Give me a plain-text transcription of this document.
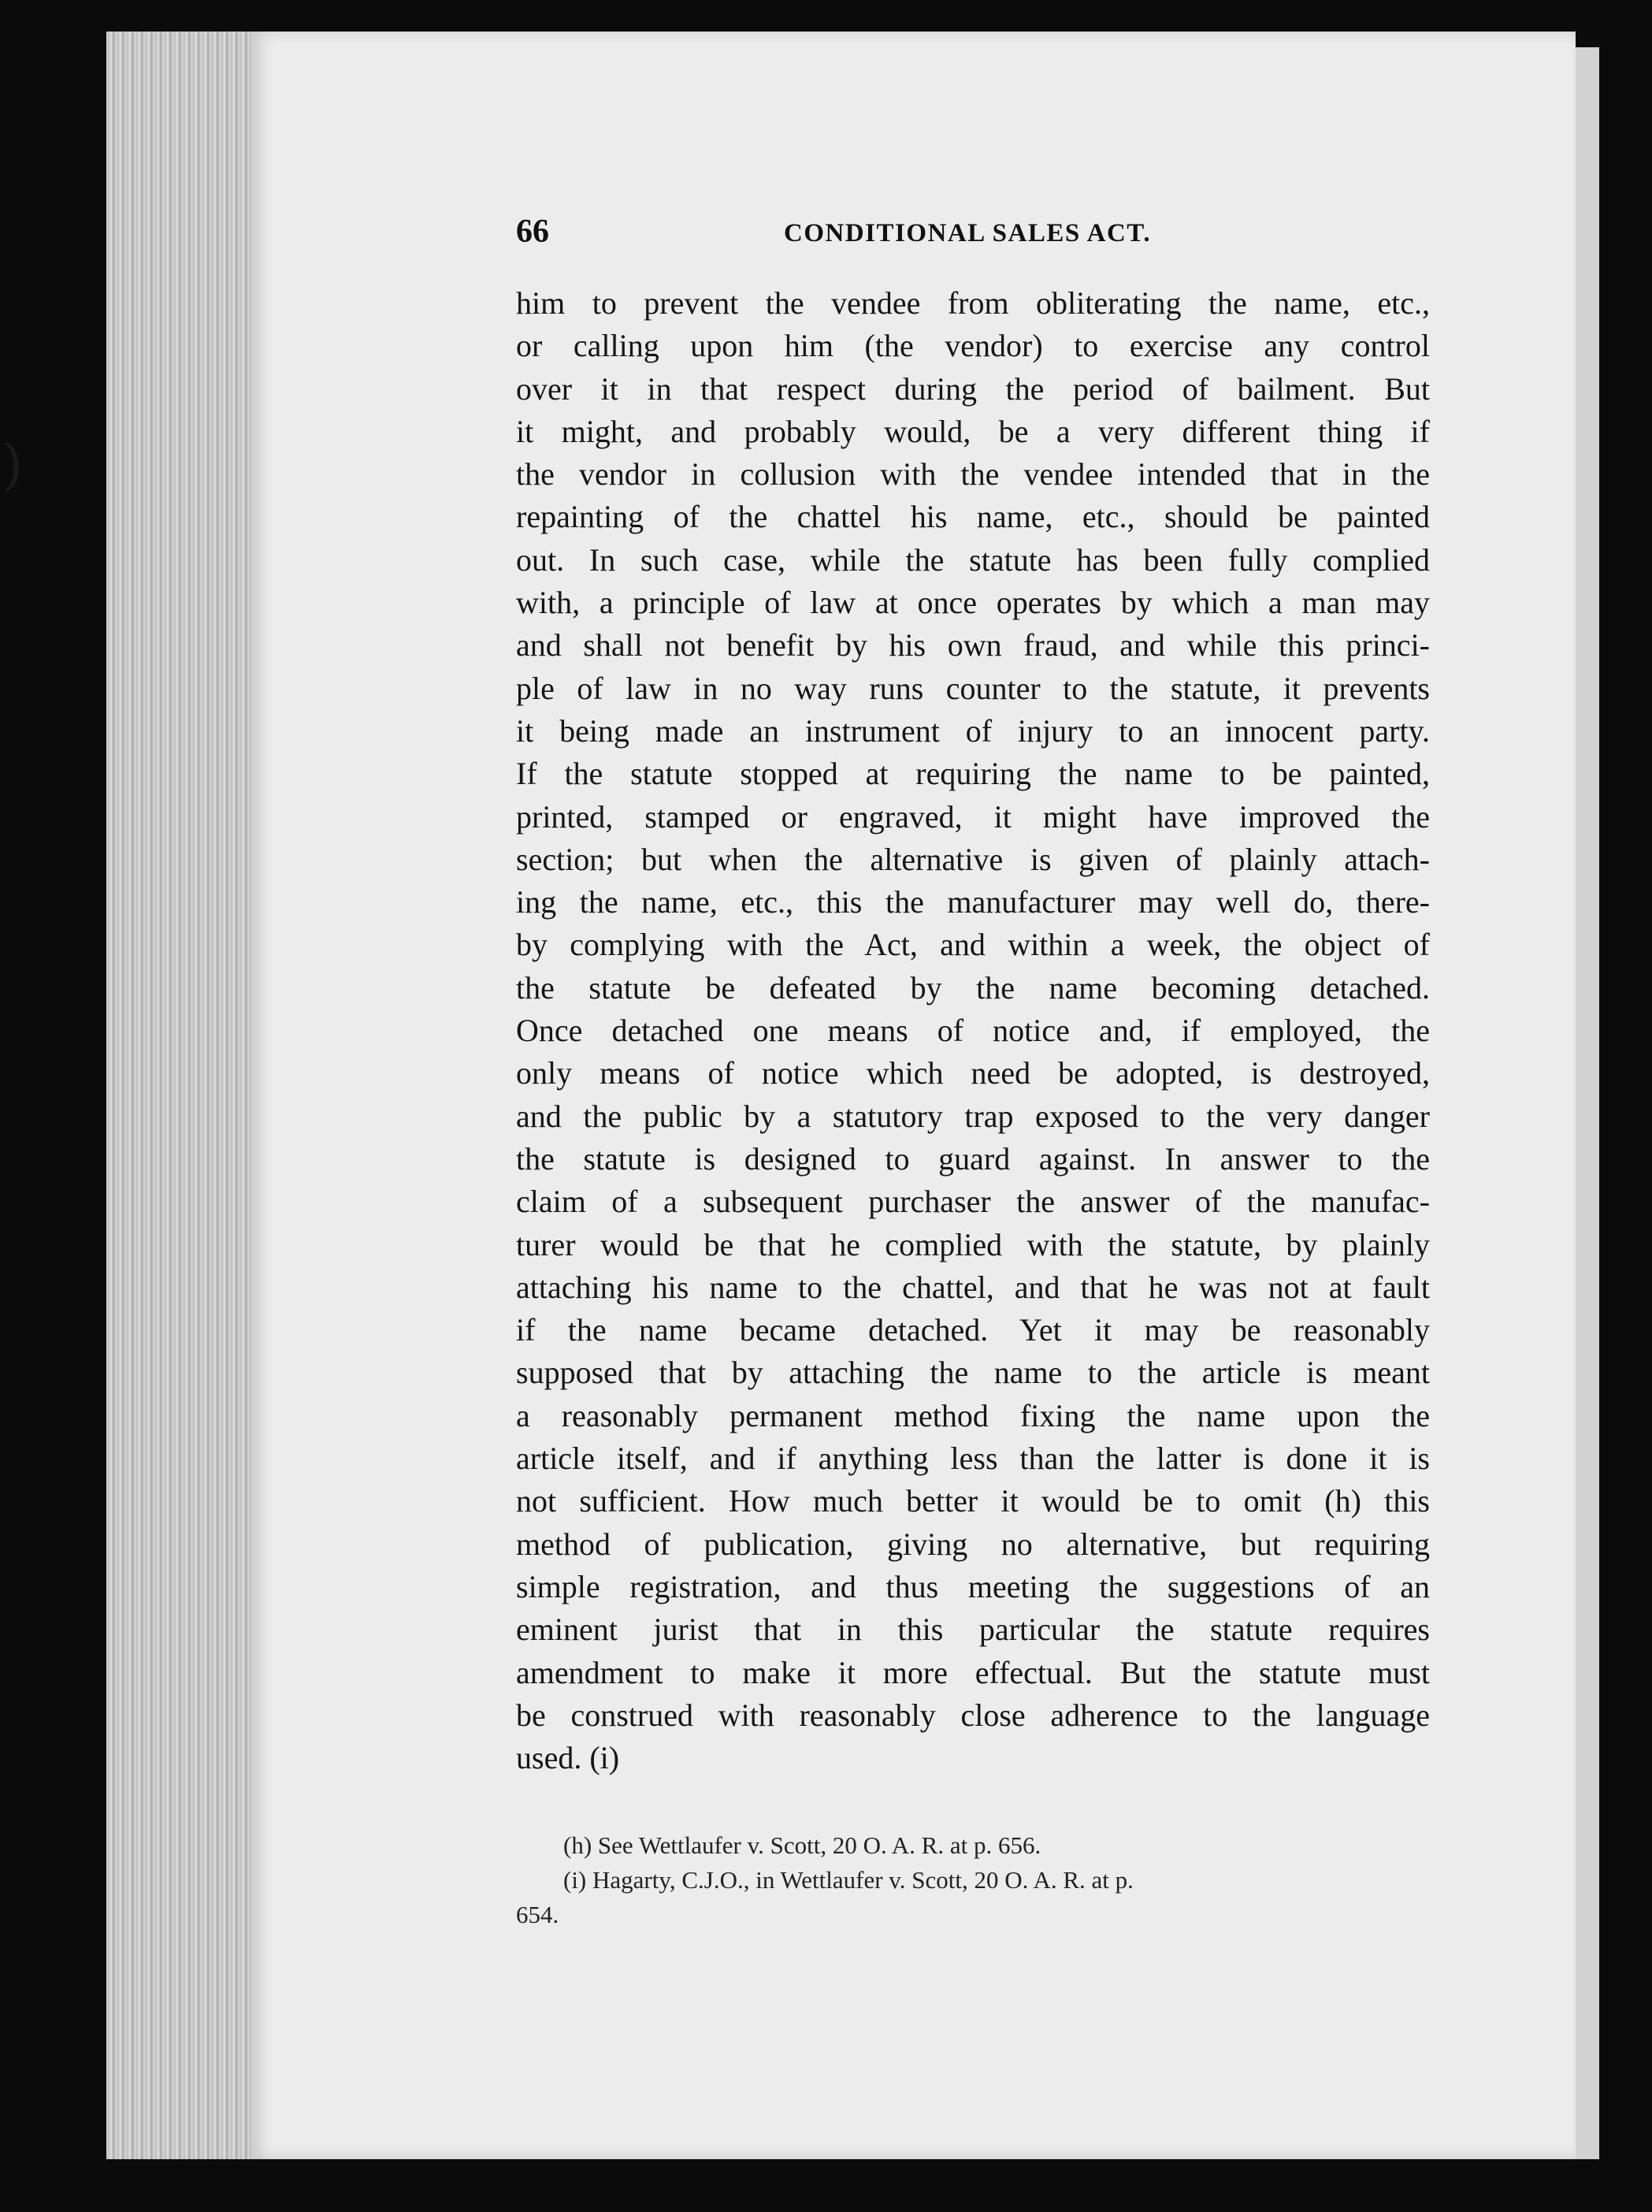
)
66	CONDITIONAL SALES ACT.
him to prevent the vendee from obliterating the name, etc.,
or calling upon him (the vendor) to exercise any control
over it in that respect during the period of bailment. But
it might, and probably would, be a very different thing if
the vendor in collusion with the vendee intended that in the
repainting of the chattel his name, etc., should be painted
out. In such case, while the statute has been fully complied
with, a principle of law at once operates by which a man may
and shall not benefit by his own fraud, and while this princi-
ple of law in no way runs counter to the statute, it prevents
it being made an instrument of injury to an innocent party.
If the statute stopped at requiring the name to be painted,
printed, stamped or engraved, it might have improved the
section; but when the alternative is given of plainly attach-
ing the name, etc., this the manufacturer may well do, there-
by complying with the Act, and within a week, the object of
the statute be defeated by the name becoming detached.
Once detached one means of notice and, if employed, the
only means of notice which need be adopted, is destroyed,
and the public by a statutory trap exposed to the very danger
the statute is designed to guard against. In answer to the
claim of a subsequent purchaser the answer of the manufac-
turer would be that he complied with the statute, by plainly
attaching his name to the chattel, and that he was not at fault
if the name became detached. Yet it may be reasonably
supposed that by attaching the name to the article is meant
a reasonably permanent method fixing the name upon the
article itself, and if anything less than the latter is done it is
not sufficient. How much better it would be to omit (h) this
method of publication, giving no alternative, but requiring
simple registration, and thus meeting the suggestions of an
eminent jurist that in this particular the statute requires
amendment to make it more effectual. But the statute must
be construed with reasonably close adherence to the language
used. (i)
(h) See Wettlaufer v. Scott, 20 O. A. R. at p. 656.
(i) Hagarty, C.J.O., in Wettlaufer v. Scott, 20 O. A. R. at p.
654.
